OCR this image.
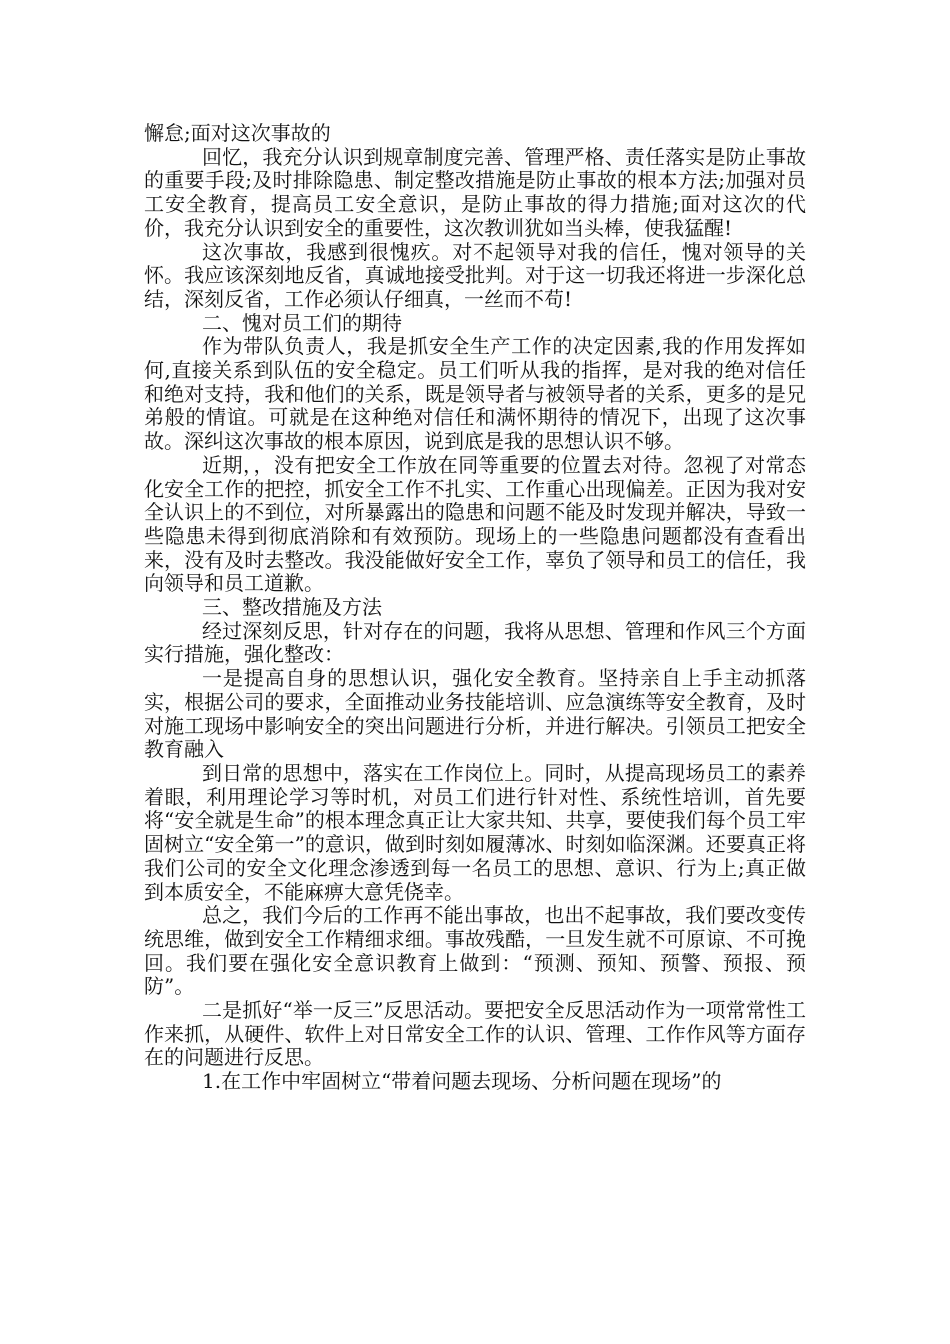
懈怠;面对这次事故的

回忆，我充分认识到规章制度完善、管理严格、责任落实是防止事故的重要手段;及时排除隐患、制定整改措施是防止事故的根本方法;加强对员工安全教育，提高员工安全意识，是防止事故的得力措施;面对这次的代价，我充分认识到安全的重要性，这次教训犹如当头棒，使我猛醒!

这次事故，我感到很愧疚。对不起领导对我的信任，愧对领导的关怀。我应该深刻地反省，真诚地接受批判。对于这一切我还将进一步深化总结，深刻反省，工作必须认仔细真，一丝而不苟!

二、愧对员工们的期待

作为带队负责人，我是抓安全生产工作的决定因素,我的作用发挥如何,直接关系到队伍的安全稳定。员工们听从我的指挥，是对我的绝对信任和绝对支持，我和他们的关系，既是领导者与被领导者的关系，更多的是兄弟般的情谊。可就是在这种绝对信任和满怀期待的情况下，出现了这次事故。深纠这次事故的根本原因，说到底是我的思想认识不够。

近期，，没有把安全工作放在同等重要的位置去对待。忽视了对常态化安全工作的把控，抓安全工作不扎实、工作重心出现偏差。正因为我对安全认识上的不到位，对所暴露出的隐患和问题不能及时发现并解决，导致一些隐患未得到彻底消除和有效预防。现场上的一些隐患问题都没有查看出来，没有及时去整改。我没能做好安全工作，辜负了领导和员工的信任，我向领导和员工道歉。

三、整改措施及方法

经过深刻反思，针对存在的问题，我将从思想、管理和作风三个方面实行措施，强化整改：

一是提高自身的思想认识，强化安全教育。坚持亲自上手主动抓落实，根据公司的要求，全面推动业务技能培训、应急演练等安全教育，及时对施工现场中影响安全的突出问题进行分析，并进行解决。引领员工把安全教育融入

到日常的思想中，落实在工作岗位上。同时，从提高现场员工的素养着眼，利用理论学习等时机，对员工们进行针对性、系统性培训，首先要将“安全就是生命”的根本理念真正让大家共知、共享，要使我们每个员工牢固树立“安全第一”的意识，做到时刻如履薄冰、时刻如临深渊。还要真正将我们公司的安全文化理念渗透到每一名员工的思想、意识、行为上;真正做到本质安全，不能麻痹大意凭侥幸。

总之，我们今后的工作再不能出事故，也出不起事故，我们要改变传统思维，做到安全工作精细求细。事故残酷，一旦发生就不可原谅、不可挽回。我们要在强化安全意识教育上做到：“预测、预知、预警、预报、预防”。

二是抓好“举一反三”反思活动。要把安全反思活动作为一项常常性工作来抓，从硬件、软件上对日常安全工作的认识、管理、工作作风等方面存在的问题进行反思。

1.在工作中牢固树立“带着问题去现场、分析问题在现场”的
